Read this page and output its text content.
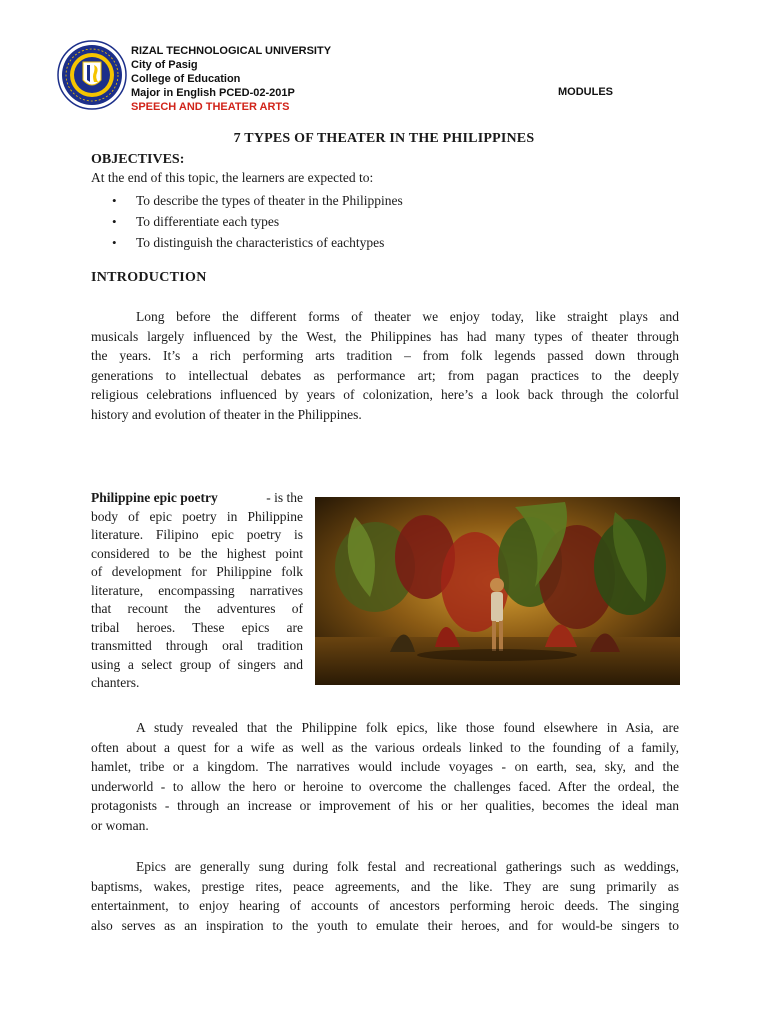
RIZAL TECHNOLOGICAL UNIVERSITY
City of Pasig
College of Education
Major in English PCED-02-201P
SPEECH AND THEATER ARTS
MODULES
7 TYPES OF THEATER IN THE PHILIPPINES
OBJECTIVES:
At the end of this topic, the learners are expected to:
• To describe the types of theater in the Philippines
• To differentiate each types
• To distinguish the characteristics of eachtypes
INTRODUCTION
Long before the different forms of theater we enjoy today, like straight plays and
musicals largely influenced by the West, the Philippines has had many types of theater through
the years. It’s a rich performing arts tradition – from folk legends passed down through
generations to intellectual debates as performance art; from pagan practices to the deeply
religious celebrations influenced by years of colonization, here’s a look back through the colorful
history and evolution of theater in the Philippines.
Philippine epic poetry	- is the
body of epic poetry in Philippine
literature. Filipino epic poetry is
considered to be the highest point
of development for Philippine folk
literature, encompassing narratives
that recount the adventures of
tribal heroes. These epics are
transmitted through oral tradition
using a select group of singers and
chanters.
A study revealed that the Philippine folk epics, like those found elsewhere in Asia, are
often about a quest for a wife as well as the various ordeals linked to the founding of a family,
hamlet, tribe or a kingdom. The narratives would include voyages - on earth, sea, sky, and the
underworld - to allow the hero or heroine to overcome the challenges faced. After the ordeal, the
protagonists - through an increase or improvement of his or her qualities, becomes the ideal man
or woman.
Epics are generally sung during folk festal and recreational gatherings such as weddings,
baptisms, wakes, prestige rites, peace agreements, and the like. They are sung primarily as
entertainment, to enjoy hearing of accounts of ancestors performing heroic deeds. The singing
also serves as an inspiration to the youth to emulate their heroes, and for would-be singers to
